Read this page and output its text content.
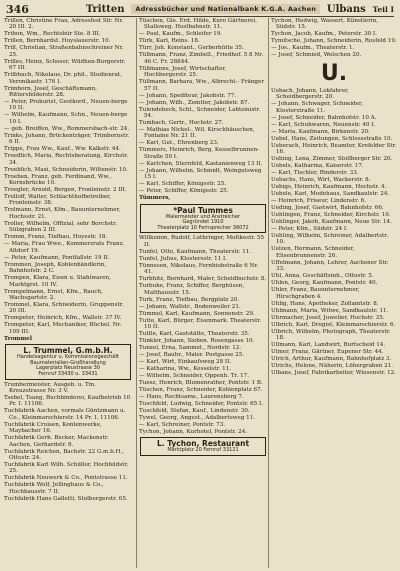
346	Tritten	Adressbücher und Nationalbank K.G.A. Aachen	Ulbans Teil I
Trillen, Christine Frau, Adressfest Str. Nr. 20 III. 2.
Tribun, Wm., Rechtsbür Ste. 8 III.
Trillen, Bernhardst. Hoyslauerstr. 10.
Trill, Christian, Straßenbahnschreiner Nr. 25.
Trilles, Heinz, Schoser, Wildhen-Burgerstr. 67 III.
Trilbhuch, Nikolaus, Dr. phil., Studienrat, Veronikastr. 176 I.
Trimborn, Josef, Geschäftsmann, Rittersfelderstr. 28.
— Peter, Prokurist, Gestkord., Neuen-berge 10 II.
— Wilhelm, Kaufmann, Schn., Neuen-berge 10 I.
— geb. Breiffen, Ww., Rommersbach-str. 24.
Trinks, Johann, Brückenträger, Trimbornstr. 6 II.
Trippe, Frau Ww., Kauf., Ww. Kalkstr. 44.
Troedlich, Maria, Rechtsberatung, Kirchstr. 34.
Troeblich, Maxi, Schneiderin, Wiltenstr. 10.
Troeben, Franz, geb. Ferdinand, Ww., Kornsbrücke 10.
Troegler, Arnold, Bergen, Fronleinstr. 2 III.
Trolloff, Walter, Schlachthofbetreiber, Fronleinstr. 38.
Trolmann, Ernst, Kfm., Bauunternehmer, Hochsstr. 21.
Troller, Wilhelm, Offizial, sehr Borchstr. Sülzgraben 2 III.
Tromm, Franz, Tiefbau, Hoyestr. 18.
— Maria, Frau Wwe., Kommerzrats Franz. Altdorf 19.
— Peter, Kaufmann, Pontfallstr. 19 II.
Trommen, Joseph, Kohlenhändlerin, Bahnhofstr. 2 C.
Trompen, Klara, Eisen u. Stahlwaren, Marktgrst. 10 IV.
Trompelmann, Ernst, Kfm., Rauch, Wachsgartstr. 2.
Trommel, Klara, Schneiderin, Gruppenstr. 20 III.
Trompeter, Heinrich, Kfm., Wallstr. 37 IV.
Trompeter, Karl, Mechaniker, Büchel. Nr. 109 III.
Trommel
L. Trummel, G.m.b.H.
Handelsagentur u. Kommissionsgeschäft
Baumaterialien-Großhandlung
Lagerplatz Neustrasse 30
Fernruf 33430 u. 33431
Trumbermeister, Ausgeb. u. Tm. Kreuzstrasse Nr. 3 V.
Tsebel, Tsang, Buchbinderei, Kaufbetrieb 10 Pr. I. 11106.
Tuchfabrik Aachen, vormals Güntzmann u. Co., Kleinmarschierstr. 14 Pr. I. 11106.
Tuchfabrik Cruisen, Kontenwerke, Maybacher 16.
Tuchfabrik Gerh. Becker, Mackenstr. Aachen, Gerhardstr. 8.
Tuchfabrik Reichen, Bachstr. 22 G.m.b.H., Ottostr. 24.
Tuchfabrik Karl Wilh. Schüller, Hochfeldstr. 25.
Tuchfabrik Neuwerk & Co., Pontstrasse 11.
Tuchfabrik Wolf, Jellinghaus & Co., Hochbausstr. 7 II.
Tuchfabrik Hans Galletti, Stolbergerstr. 65.
Tüschen, Gle. Erd. Hilde, Kuro Gärtnerei, Stallsweg. Hostbahnstr. 11.
— Paul, Kaufm., Schleifer 19.
Türk, Karl, Reins. 18.
Türr, Joh. Konstant., Gerberhütte 35.
Tüllmann, Franz, Zimbell., Friedhof. 5 8 Nr. 46 C. Fr. 28844.
Tüllmanns, Josef, Wirtschafter, Hochbergerstr. 25.
Tüllmann, Barbara, Ww., Albrecht.- Fränger 57 II.
— Johann, Spediteur, Jakobstr. 77.
— Johann, Wilh., Zemtter, Jakobstr. 87.
Tulendebeck, Schl., Schneider, Lahtsinistr. 54.
Tumbach, Gertr., Hochstr. 27.
— Mathias Nickel-, Wil. Kirschhäuschen, Fontaine Nr. 21 II.
— Karl, Gut., Ehrenberg 23.
Tümmers, Heinrich, Berg, Kesselbrunnen-Straße 50 I.
— Karlchen, Sternfeld, Kastanienweg 13 II.
— Johann, Wilhelm, Schmidt, Weingutsweg 15 I.
— Karl, Schiffer, Königsstr. 25.
— Peter, Schiffer, Königsstr. 25.
Tümmers,
*Paul Tummes
Malermeister und Anstreicher
Gegründet 1910
Theaterplatz 10 Fernsprecher 36072
Willkomm, Rudolf, Lothringer, Moltkestr. 55 II.
Tunfel, Otto, Kaufmann, Theaterstr. 11.
Tunfel, Julius, Klostersstr. 11 I.
Tünnesen, Nikolaus, Fernbiobstraße 6 Nr. 41.
Turbhitz, Bernhard, Maler, Scheidbuchstr. 8.
Turbuke, Franz, Schiffer, Berghüsen, Matthausstr. 15.
Turk, Franz, Tiefbau, Bergplatz 20.
— Johann, Wallstr., Bodenweiler 21.
Tümmel, Karl, Kaufmann, Sonnenstr. 29.
Tutte, Karl, Bürger, Eisenmark. Theaterstr. 10 II.
Tuttle, Karl, Gaststätte, Theaterstr. 35.
Tünkler, Johann, Sieben. Rosengasse 10.
Tunzel, Erna, Sammel., Nordstr. 12.
— Josef, Bauhr., Maler. Postgasse 25.
— Karl, Wirt, Einkaufsweg 28 II.
— Katharina, Ww., Kesselstr. 11.
— Wilhelm, Schneider, Oppenh. Tr. 17.
Tuesz, Henrich, Blumenrather, Pontstr. 1 B.
Tüschen, Franz, Schneider, Kohlenplatz 67.
— Hans, Rechtsanw., Laurensberg 7.
Tuschfeld, Ludwig, Schneider, Pontstr. 65 I.
Tuschfeld, Stefan, Kauf., Lindenstr. 30.
Tywel, Georg, Angest., Adalbertsweg 11.
— Karl, Schreiner, Pontstr. 73.
Tychon, Johann, Kurhotel, Pontstr. 24.
L. Tychon, Restaurant
Marktplatz 20 Fernruf 33121
Tychon, Hedwig, Wassert, Künstlerin, Südstr. 15.
Tychon, Jacob, Kaufm., Peterstr. 30 I.
Tymitsche, Johann, Schneiderin, Rosfeld 19.
— Jos., Kaufm., Theaterstr. 1.
— Josef, Schmied, Welschen 20.
U.
Uebach, Johann, Lokfahrer, Scheidbergerstr. 20.
— Johann, Schwager, Schneider, Klosterstraße 11.
— Josef, Schneider, Bahnhofstr. 10 A.
— Karl, Schuhwaren, Neuenstr. 40 I.
— Maria, Kaufmann, Birkenstr. 20.
Uebel, Hans, Zeitungen, Schlossstraße 10.
Ueberach, Heinrich, Beamter, Krefelder Str. 16.
Uebing, Lena, Zimmer, Stollberger Str. 20.
Uebels, Katharina, Kaiserstr. 17.
— Karl, Tischler, Rinderstr. 33.
Uebachs, Hans, Wirt, Wackerstr. 8.
Uebigs, Heinrich, Kaufmann, Hochstr. 4.
Uebele, Karl, Modehaus, Sandkaulstr. 24.
— Heinrich, Friseur, Lindenstr. 6.
Ueding, Josef, Gastwirt, Bahnhofstr. 66.
Uehlingen, Franz, Schneider, Kirchstr. 10.
Uehlinger, Jakob, Kaufmann, Neue Str. 14.
— Peter, Kfm., Südstr. 24 I.
Uehling, Wilhelm, Schreiner, Adalbertstr. 10.
Uelzen, Hermann, Schneider, Elisenbrunnenstr. 26.
Uffelmann, Johann, Lehrer, Aachener Str. 33.
Uhl, Anna, Geschäftsinh., Ottostr. 5.
Uhlen, Georg, Kaufmann, Pontstr. 40.
Uhler, Franz, Bauunternehmer, Hirschgraben 4.
Uhlig, Hans, Apotheker, Zollamtstr. 8.
Uhlmann, Maria, Witwe, Sandkaulstr. 11.
Uhrmacher, Josef, Juwelier, Hochstr. 35.
Ulbrich, Karl, Drogist, Kleinmarschierstr. 6.
Ulbrich, Wilhelm, Photograph, Theaterstr. 18.
Ullmann, Karl, Landwirt, Burtscheid 14.
Ulmer, Franz, Gärtner, Eupener Str. 44.
Ulrich, Arthur, Kaufmann, Bahnhofplatz 3.
Ulrichs, Helene, Näherin, Löhergraben 21.
Ulbans, Josef, Fabrikarbeiter, Wiesenstr. 12.
